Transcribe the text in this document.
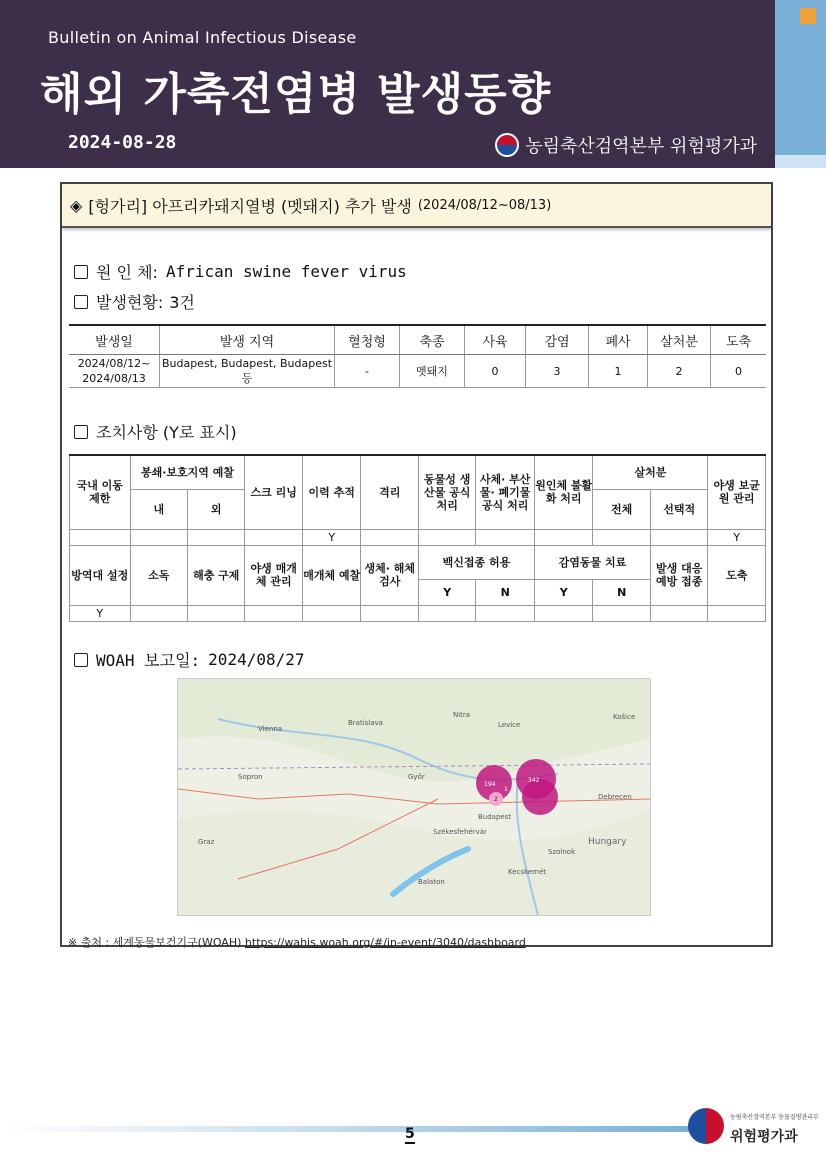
Bulletin on Animal Infectious Disease
해외 가축전염병 발생동향
2024-08-28	농림축산검역본부 위험평가과
◈ [헝가리] 아프리카돼지열병 (멧돼지) 추가 발생 (2024/08/12~08/13)
원 인 체: African swine fever virus
발생현황: 3건
발생일	발생 지역	혈청형	축종	사육	감염	폐사	살처분	도축
2024/08/12~ 2024/08/13	Budapest, Budapest, Budapest 등	-	멧돼지	0	3	1	2	0
조치사항 (Y로 표시)
국내 이동 제한	봉쇄·보호지역 예찰		스크 리닝	이력 추적	격리	동물성 생산물 공식 처리	사체· 부산물· 폐기물 공식 처리	원인체 불활화 처리	살처분		야생 보균원 관리
	내	외							전체	선택적	
				Y							Y
방역대 설정	소독	해충 구제	야생 매개체 관리	매개체 예찰	생체· 해체 검사	백신접종 허용		감염동물 치료		발생 대응 예방 접종	도축
						Y	N	Y	N		
Y											
WOAH 보고일: 2024/08/27
194
1
2
342
Bratislava
Vienna
Budapest
Győr
Balaton
Hungary
Debrecen
Košice
Nitra
Levice
Szolnok
Kecskemét
Székesfehérvár
Sopron
Graz
※ 출처 : 세계동물보건기구(WOAH) https://wahis.woah.org/#/in-event/3040/dashboard
5
농림축산검역본부 동물질병관리부
위험평가과
